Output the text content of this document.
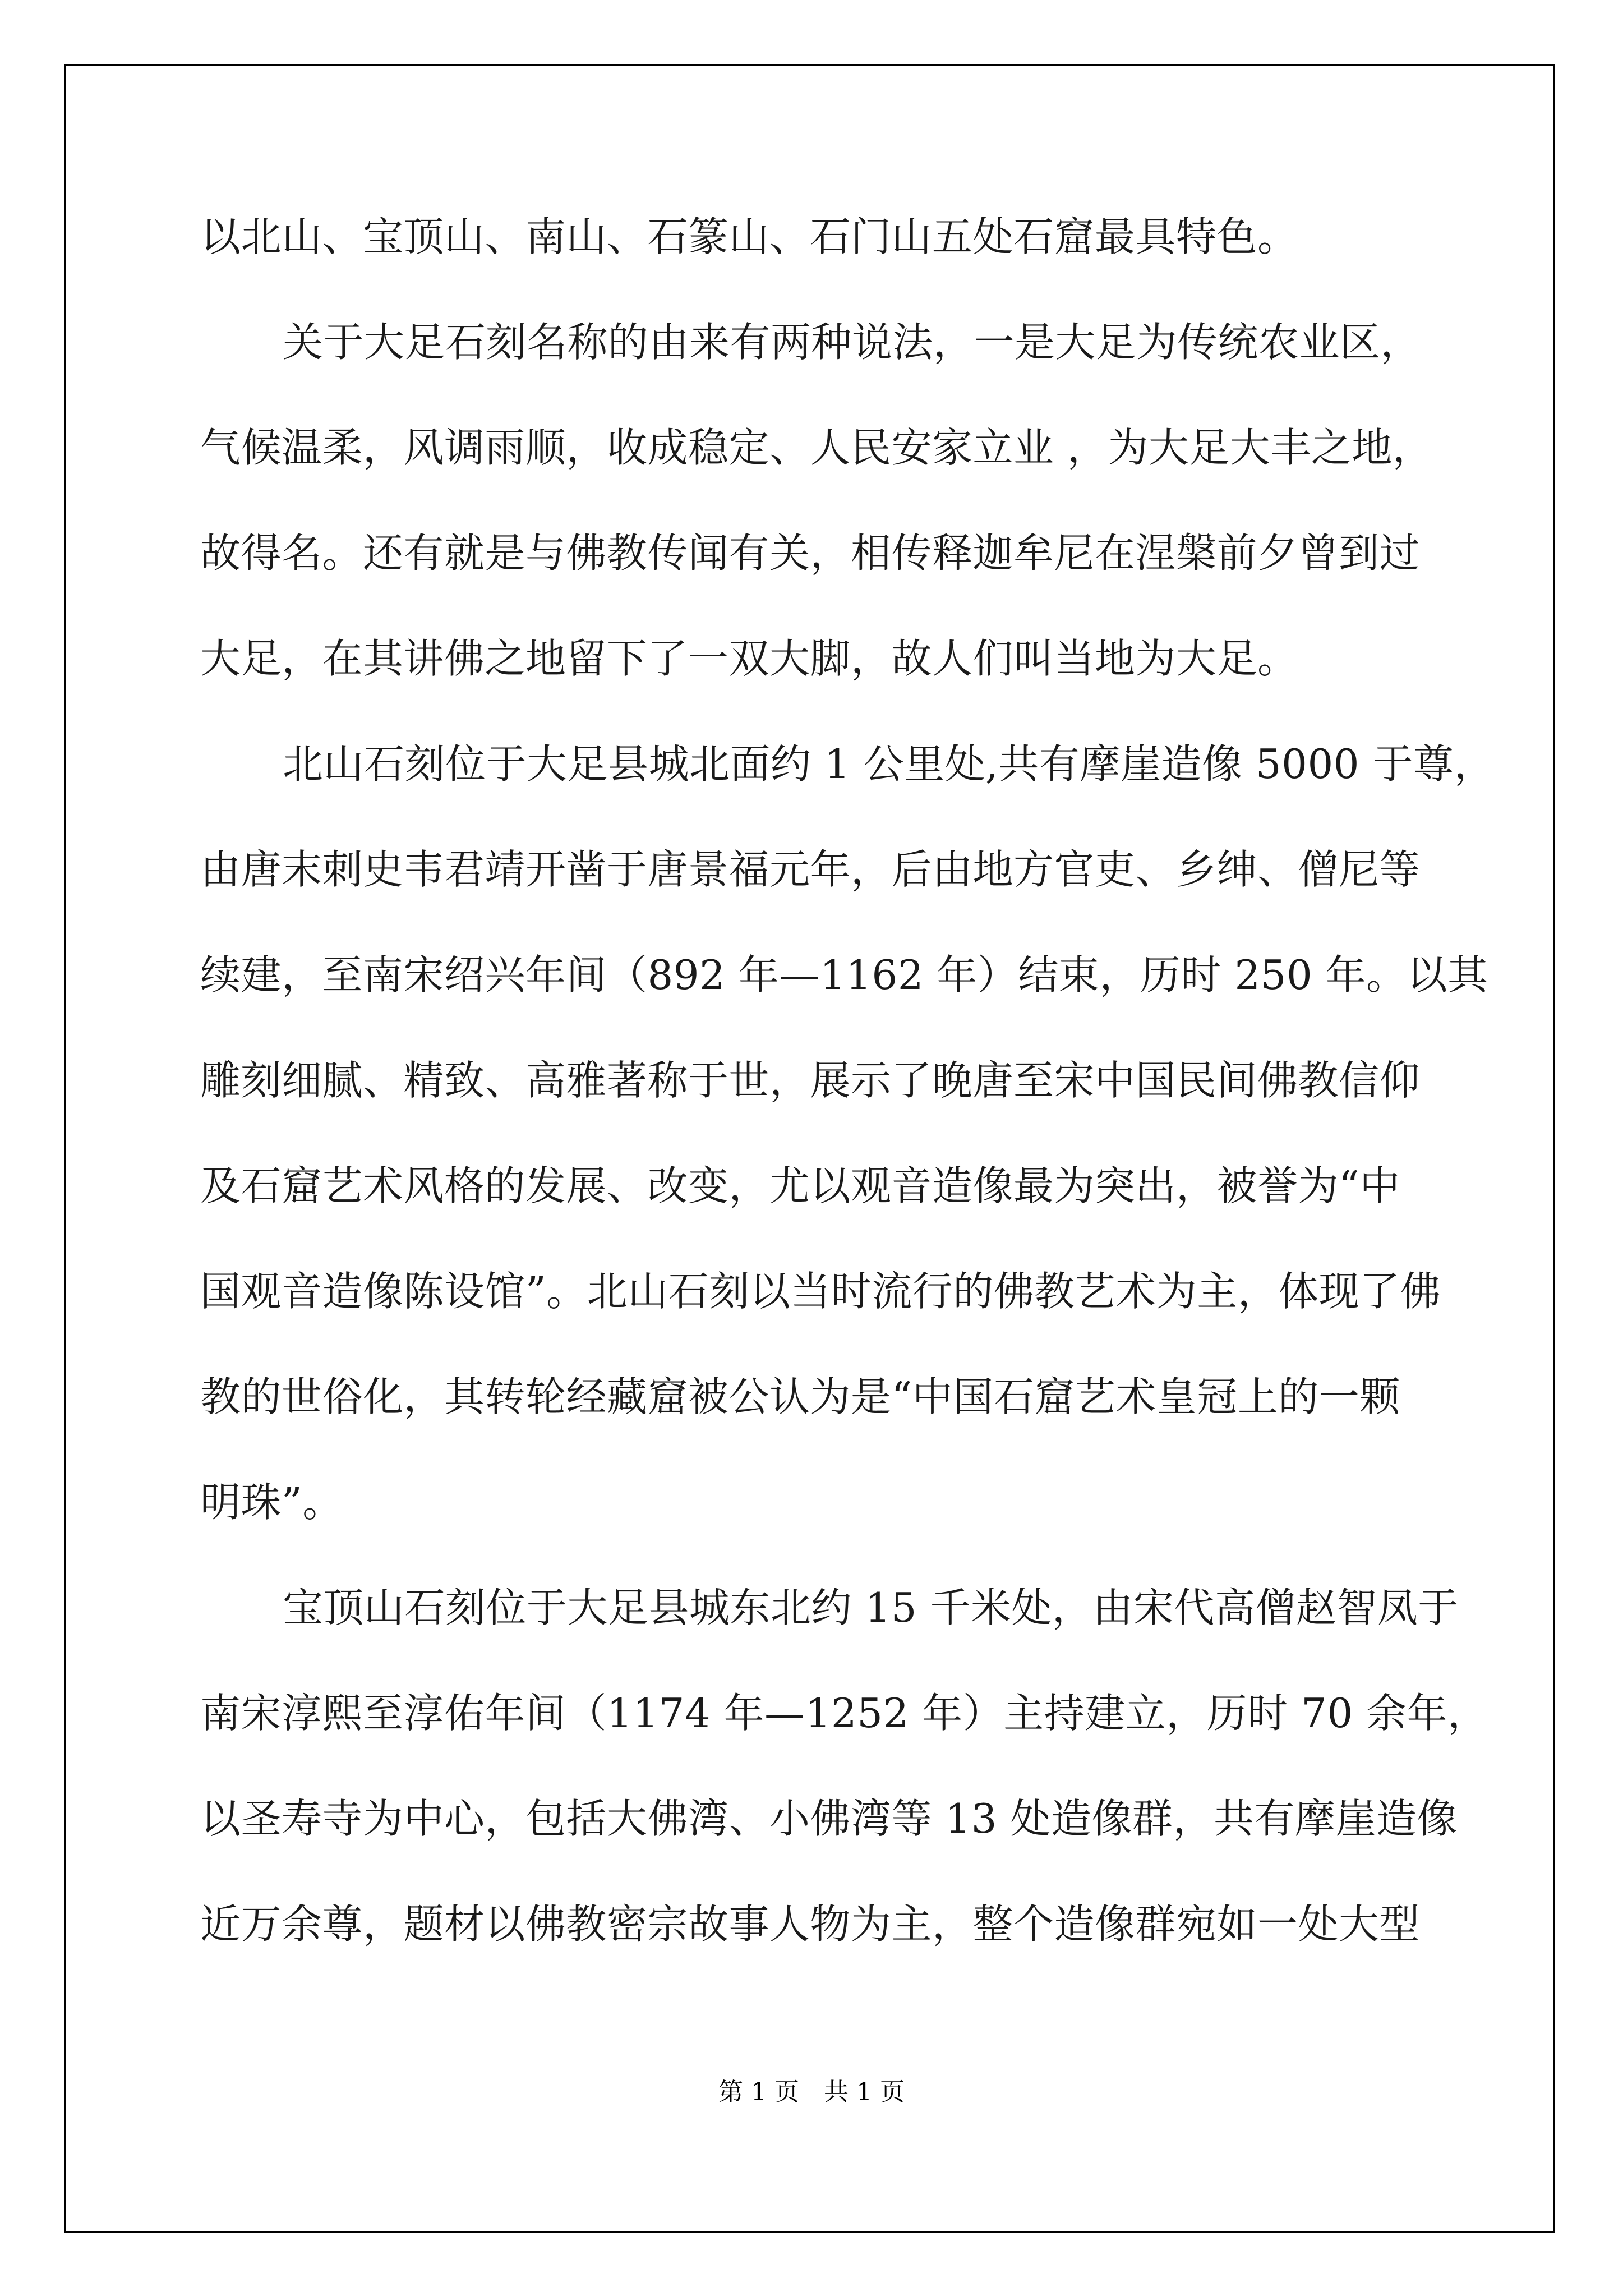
以北山、宝顶山、南山、石篆山、石门山五处石窟最具特色。
关于大足石刻名称的由来有两种说法，一是大足为传统农业区，
气候温柔，风调雨顺，收成稳定、人民安家立业 ，为大足大丰之地，
故得名。还有就是与佛教传闻有关，相传释迦牟尼在涅槃前夕曾到过
大足，在其讲佛之地留下了一双大脚，故人们叫当地为大足。
北山石刻位于大足县城北面约 1 公里处,共有摩崖造像 5000 于尊，
由唐末刺史韦君靖开凿于唐景福元年，后由地方官吏、乡绅、僧尼等
续建，至南宋绍兴年间（892 年—1162 年）结束，历时 250 年。以其
雕刻细腻、精致、高雅著称于世，展示了晚唐至宋中国民间佛教信仰
及石窟艺术风格的发展、改变，尤以观音造像最为突出，被誉为“中
国观音造像陈设馆”。北山石刻以当时流行的佛教艺术为主，体现了佛
教的世俗化，其转轮经藏窟被公认为是“中国石窟艺术皇冠上的一颗
明珠”。
宝顶山石刻位于大足县城东北约 15 千米处，由宋代高僧赵智凤于
南宋淳熙至淳佑年间（1174 年—1252 年）主持建立，历时 70 余年，
以圣寿寺为中心，包括大佛湾、小佛湾等 13 处造像群，共有摩崖造像
近万余尊，题材以佛教密宗故事人物为主，整个造像群宛如一处大型
第 1 页　共 1 页
